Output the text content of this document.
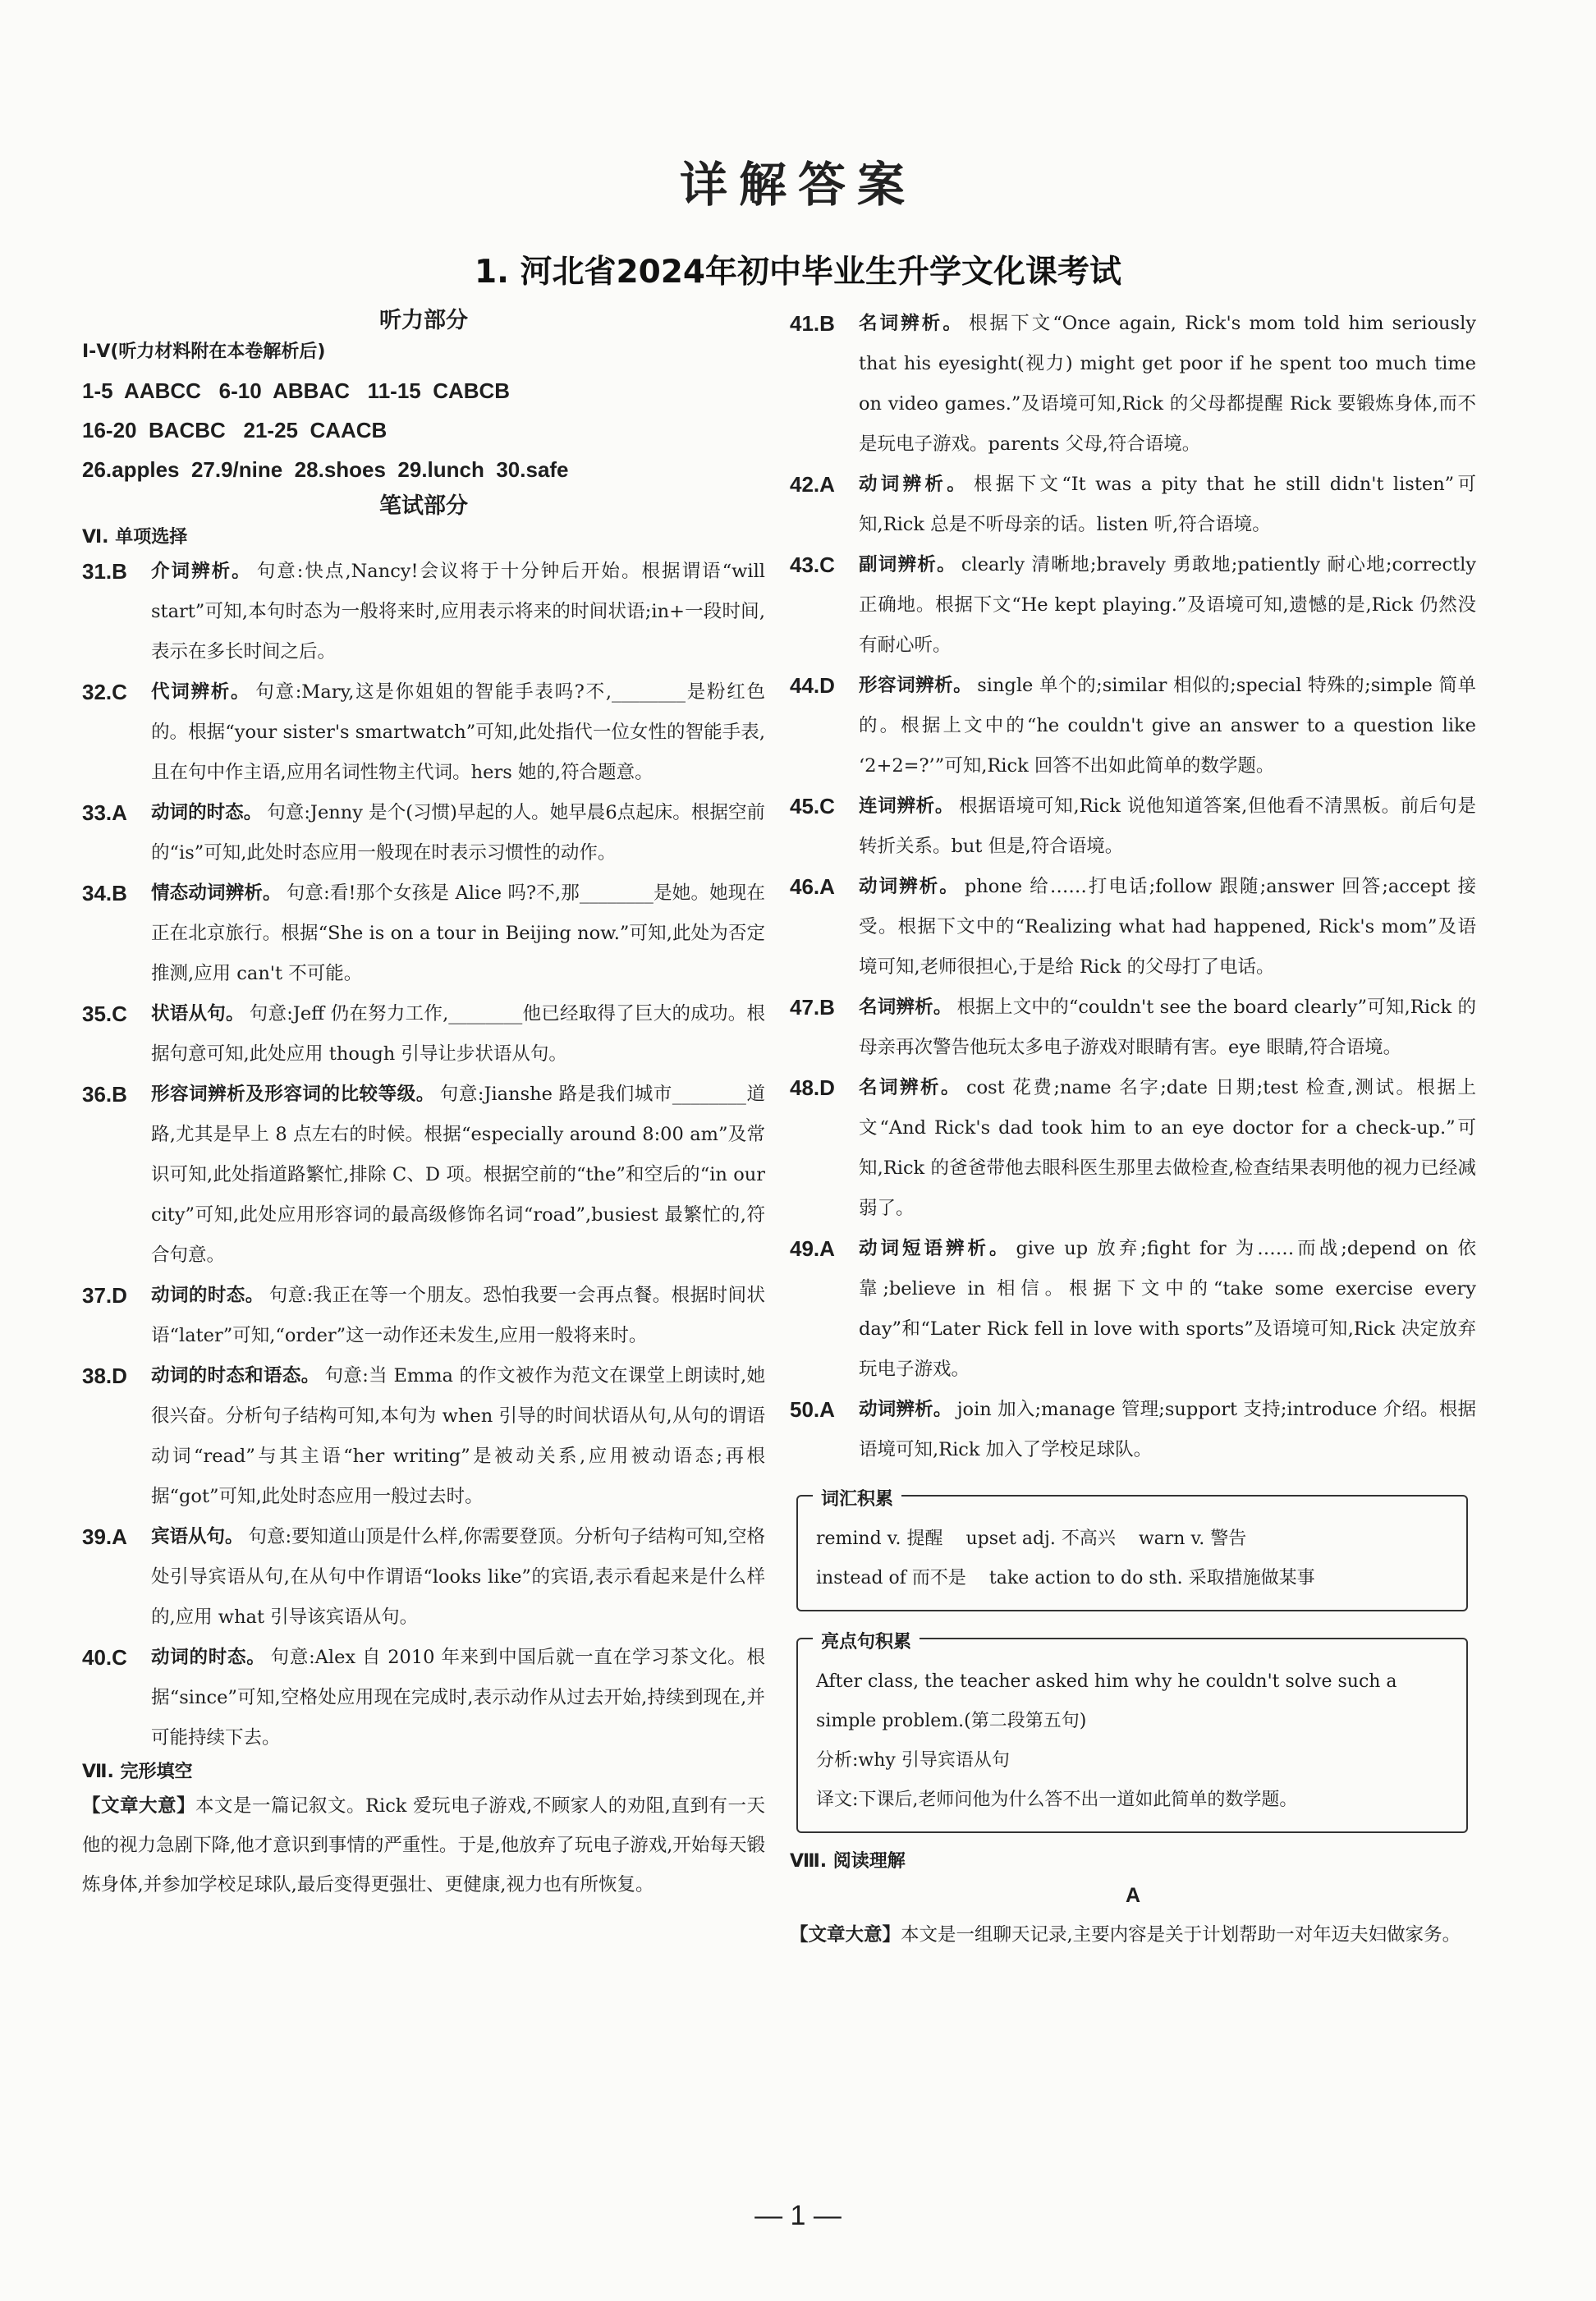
详解答案
1. 河北省2024年初中毕业生升学文化课考试
听力部分
Ⅰ-Ⅴ(听力材料附在本卷解析后)
1-5  AABCC   6-10  ABBAC   11-15  CABCB
16-20  BACBC   21-25  CAACB
26.apples  27.9/nine  28.shoes  29.lunch  30.safe
笔试部分
Ⅵ. 单项选择
31.B 介词辨析。 句意:快点,Nancy!会议将于十分钟后开始。根据谓语“will start”可知,本句时态为一般将来时,应用表示将来的时间状语;in+一段时间,表示在多长时间之后。
32.C 代词辨析。 句意:Mary,这是你姐姐的智能手表吗?不,________是粉红色的。根据“your sister's smartwatch”可知,此处指代一位女性的智能手表,且在句中作主语,应用名词性物主代词。hers 她的,符合题意。
33.A 动词的时态。 句意:Jenny 是个(习惯)早起的人。她早晨6点起床。根据空前的“is”可知,此处时态应用一般现在时表示习惯性的动作。
34.B 情态动词辨析。 句意:看!那个女孩是 Alice 吗?不,那________是她。她现在正在北京旅行。根据“She is on a tour in Beijing now.”可知,此处为否定推测,应用 can't 不可能。
35.C 状语从句。 句意:Jeff 仍在努力工作,________他已经取得了巨大的成功。根据句意可知,此处应用 though 引导让步状语从句。
36.B 形容词辨析及形容词的比较等级。 句意:Jianshe 路是我们城市________道路,尤其是早上 8 点左右的时候。根据“especially around 8:00 am”及常识可知,此处指道路繁忙,排除 C、D 项。根据空前的“the”和空后的“in our city”可知,此处应用形容词的最高级修饰名词“road”,busiest 最繁忙的,符合句意。
37.D 动词的时态。 句意:我正在等一个朋友。恐怕我要一会再点餐。根据时间状语“later”可知,“order”这一动作还未发生,应用一般将来时。
38.D 动词的时态和语态。 句意:当 Emma 的作文被作为范文在课堂上朗读时,她很兴奋。分析句子结构可知,本句为 when 引导的时间状语从句,从句的谓语动词“read”与其主语“her writing”是被动关系,应用被动语态;再根据“got”可知,此处时态应用一般过去时。
39.A 宾语从句。 句意:要知道山顶是什么样,你需要登顶。分析句子结构可知,空格处引导宾语从句,在从句中作谓语“looks like”的宾语,表示看起来是什么样的,应用 what 引导该宾语从句。
40.C 动词的时态。 句意:Alex 自 2010 年来到中国后就一直在学习茶文化。根据“since”可知,空格处应用现在完成时,表示动作从过去开始,持续到现在,并可能持续下去。
Ⅶ. 完形填空
【文章大意】本文是一篇记叙文。Rick 爱玩电子游戏,不顾家人的劝阻,直到有一天他的视力急剧下降,他才意识到事情的严重性。于是,他放弃了玩电子游戏,开始每天锻炼身体,并参加学校足球队,最后变得更强壮、更健康,视力也有所恢复。
41.B 名词辨析。 根据下文“Once again, Rick's mom told him seriously that his eyesight(视力) might get poor if he spent too much time on video games.”及语境可知,Rick 的父母都提醒 Rick 要锻炼身体,而不是玩电子游戏。parents 父母,符合语境。
42.A 动词辨析。 根据下文“It was a pity that he still didn't listen”可知,Rick 总是不听母亲的话。listen 听,符合语境。
43.C 副词辨析。 clearly 清晰地;bravely 勇敢地;patiently 耐心地;correctly 正确地。根据下文“He kept playing.”及语境可知,遗憾的是,Rick 仍然没有耐心听。
44.D 形容词辨析。 single 单个的;similar 相似的;special 特殊的;simple 简单的。根据上文中的“he couldn't give an answer to a question like ‘2+2=?’”可知,Rick 回答不出如此简单的数学题。
45.C 连词辨析。 根据语境可知,Rick 说他知道答案,但他看不清黑板。前后句是转折关系。but 但是,符合语境。
46.A 动词辨析。 phone 给……打电话;follow 跟随;answer 回答;accept 接受。根据下文中的“Realizing what had happened, Rick's mom”及语境可知,老师很担心,于是给 Rick 的父母打了电话。
47.B 名词辨析。 根据上文中的“couldn't see the board clearly”可知,Rick 的母亲再次警告他玩太多电子游戏对眼睛有害。eye 眼睛,符合语境。
48.D 名词辨析。 cost 花费;name 名字;date 日期;test 检查,测试。根据上文“And Rick's dad took him to an eye doctor for a check-up.”可知,Rick 的爸爸带他去眼科医生那里去做检查,检查结果表明他的视力已经减弱了。
49.A 动词短语辨析。 give up 放弃;fight for 为……而战;depend on 依靠;believe in 相信。根据下文中的“take some exercise every day”和“Later Rick fell in love with sports”及语境可知,Rick 决定放弃玩电子游戏。
50.A 动词辨析。 join 加入;manage 管理;support 支持;introduce 介绍。根据语境可知,Rick 加入了学校足球队。
词汇积累
remind v. 提醒    upset adj. 不高兴    warn v. 警告
instead of 而不是    take action to do sth. 采取措施做某事
亮点句积累
After class, the teacher asked him why he couldn't solve such a simple problem.(第二段第五句)
分析:why 引导宾语从句
译文:下课后,老师问他为什么答不出一道如此简单的数学题。
Ⅷ. 阅读理解
A
【文章大意】本文是一组聊天记录,主要内容是关于计划帮助一对年迈夫妇做家务。
— 1 —
